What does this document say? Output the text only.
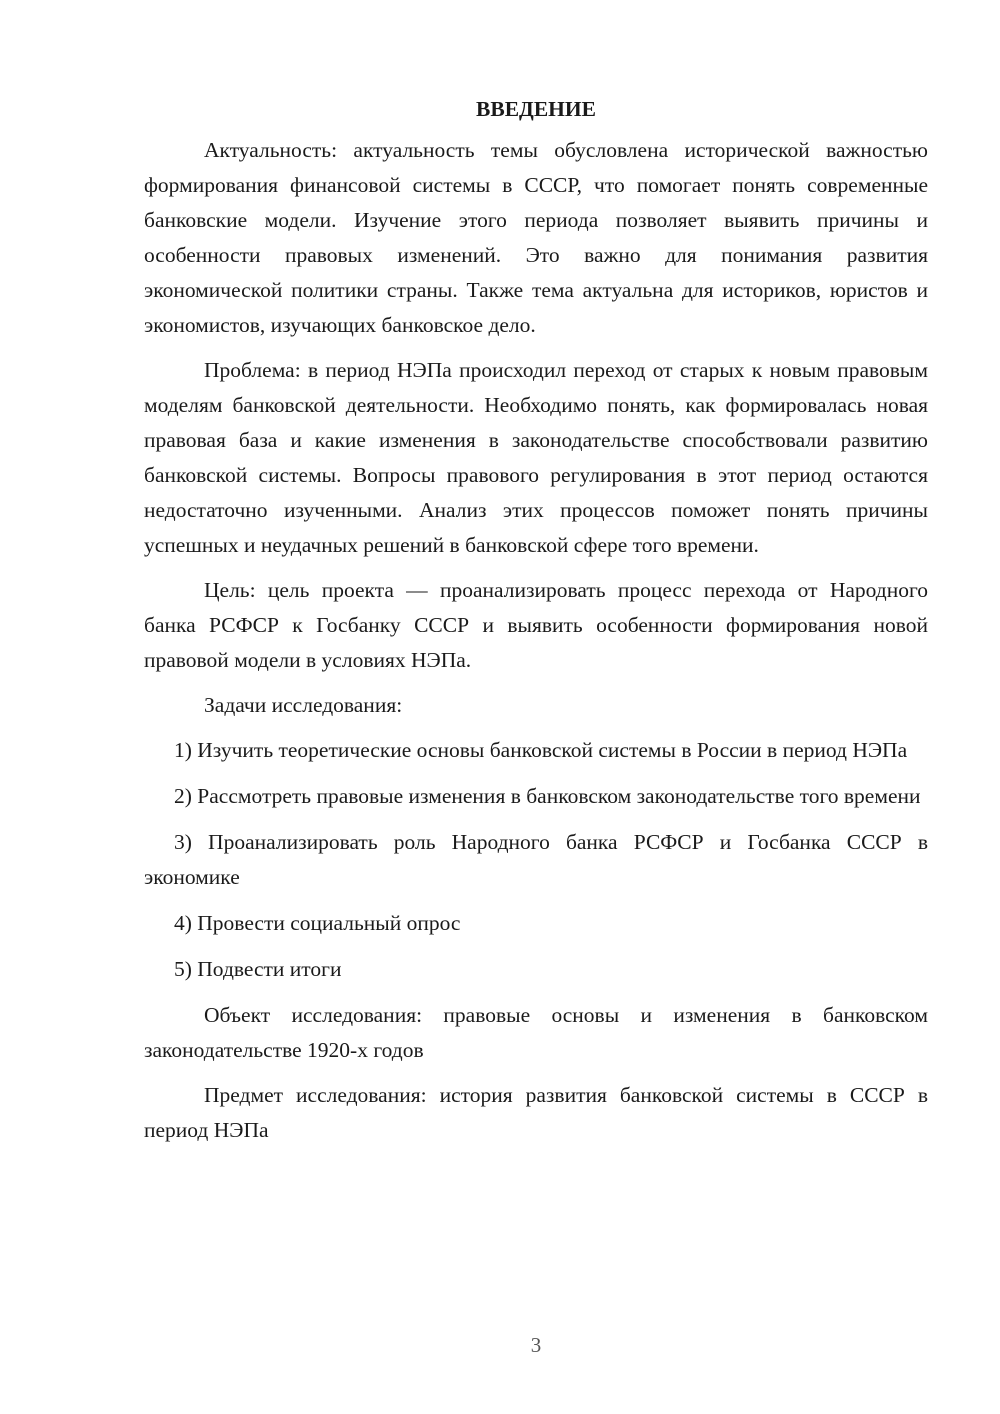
ВВЕДЕНИЕ

Актуальность: актуальность темы обусловлена исторической важностью формирования финансовой системы в СССР, что помогает понять современные банковские модели. Изучение этого периода позволяет выявить причины и особенности правовых изменений. Это важно для понимания развития экономической политики страны. Также тема актуальна для историков, юристов и экономистов, изучающих банковское дело.

Проблема: в период НЭПа происходил переход от старых к новым правовым моделям банковской деятельности. Необходимо понять, как формировалась новая правовая база и какие изменения в законодательстве способствовали развитию банковской системы. Вопросы правового регулирования в этот период остаются недостаточно изученными. Анализ этих процессов поможет понять причины успешных и неудачных решений в банковской сфере того времени.

Цель: цель проекта — проанализировать процесс перехода от Народного банка РСФСР к Госбанку СССР и выявить особенности формирования новой правовой модели в условиях НЭПа.

Задачи исследования:

1) Изучить теоретические основы банковской системы в России в период НЭПа

2) Рассмотреть правовые изменения в банковском законодательстве того времени

3) Проанализировать роль Народного банка РСФСР и Госбанка СССР в экономике

4) Провести социальный опрос

5) Подвести итоги

Объект исследования: правовые основы и изменения в банковском законодательстве 1920-х годов

Предмет исследования: история развития банковской системы в СССР в период НЭПа

3
